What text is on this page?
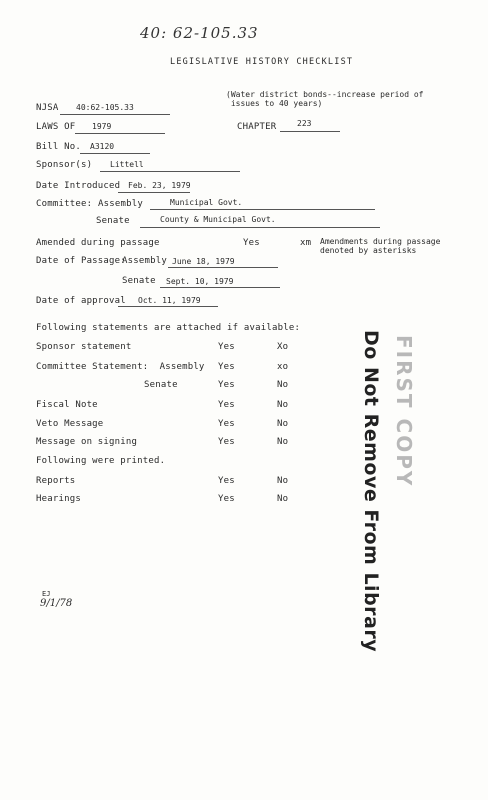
40: 62-105.33
LEGISLATIVE HISTORY CHECKLIST
(Water district bonds--increase period of
issues to 40 years)
NJSA 40:62-105.33
LAWS OF 1979	CHAPTER	223
Bill No. A3120
Sponsor(s) Littell
Date Introduced Feb. 23, 1979
Committee: Assembly	Municipal Govt.
Senate	County & Municipal Govt.
Amended during passage	Yes	xm Amendments during passage
denoted by asterisks
Date of Passage:
Assembly June 18, 1979
Senate Sept. 10, 1979
Date of approval Oct. 11, 1979
Following statements are attached if available:
Sponsor statement	Yes	Xo
Committee Statement:  Assembly Yes	xo
Senate	Yes	No
Fiscal Note	Yes	No
Veto Message	Yes	No
Message on signing	Yes	No
Following were printed.
Reports	Yes	No
Hearings	Yes	No
FIRST COPY
Do Not Remove From Library
EJ
9/1/78
